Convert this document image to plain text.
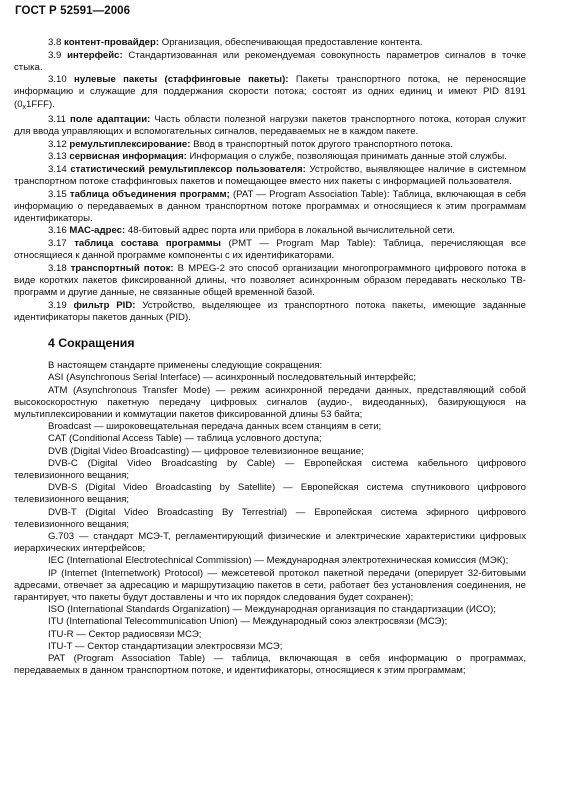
ГОСТ Р 52591—2006

3.8 контент-провайдер: Организация, обеспечивающая предоставление контента.

3.9 интерфейс: Стандартизованная или рекомендуемая совокупность параметров сигналов в точке стыка.

3.10 нулевые пакеты (стаффинговые пакеты): Пакеты транспортного потока, не переносящие информацию и служащие для поддержания скорости потока; состоят из одних единиц и имеют PID 8191 $(0_x1FFF)$.

3.11 поле адаптации: Часть области полезной нагрузки пакетов транспортного потока, которая служит для ввода управляющих и вспомогательных сигналов, передаваемых не в каждом пакете.

3.12 ремультиплексирование: Ввод в транспортный поток другого транспортного потока.

3.13 сервисная информация: Информация о службе, позволяющая принимать данные этой службы.

3.14 статистический ремультиплексор пользователя: Устройство, выявляющее наличие в системном транспортном потоке стаффинговых пакетов и помещающее вместо них пакеты с информацией пользователя.

3.15 таблица объединения программ; (PAT — Program Association Table): Таблица, включающая в себя информацию о передаваемых в данном транспортном потоке программах и относящиеся к этим программам идентификаторы.

3.16 МАС-адрес: 48-битовый адрес порта или прибора в локальной вычислительной сети.

3.17 таблица состава программы (PMT — Program Map Table): Таблица, перечисляющая все относящиеся к данной программе компоненты с их идентификаторами.

3.18 транспортный поток: В MPEG-2 это способ организации многопрограммного цифрового потока в виде коротких пакетов фиксированной длины, что позволяет асинхронным образом передавать несколько ТВ-программ и другие данные, не связанные общей временной базой.

3.19 фильтр PID: Устройство, выделяющее из транспортного потока пакеты, имеющие заданные идентификаторы пакетов данных (PID).

4 Сокращения

В настоящем стандарте применены следующие сокращения:

ASI (Asynchronous Serial Interface) — асинхронный последовательный интерфейс;

ATM (Asynchronous Transfer Mode) — режим асинхронной передачи данных, представляющий собой высокоскоростную пакетную передачу цифровых сигналов (аудио-, видеоданных), базирующуюся на мультиплексировании и коммутации пакетов фиксированной длины 53 байта;

Broadcast — широковещательная передача данных всем станциям в сети;

CAT (Conditional Access Table) — таблица условного доступа;

DVB (Digital Video Broadcasting) — цифровое телевизионное вещание;

DVB-C (Digital Video Broadcasting by Cable) — Европейская система кабельного цифрового телевизионного вещания;

DVB-S (Digital Video Broadcasting by Satellite) — Европейская система спутникового цифрового телевизионного вещания;

DVB-T (Digital Video Broadcasting By Terrestrial) — Европейская система эфирного цифрового телевизионного вещания;

G.703 — стандарт МСЭ-Т, регламентирующий физические и электрические характеристики цифровых иерархических интерфейсов;

IEC (International Electrotechnical Commission) — Международная электротехническая комиссия (МЭК);

IP (Internet (Internetwork) Protocol) — межсетевой протокол пакетной передачи (оперирует 32-битовыми адресами, отвечает за адресацию и маршрутизацию пакетов в сети, работает без установления соединения, не гарантирует, что пакеты будут доставлены и что их порядок следования будет сохранен);

ISO (International Standards Organization) — Международная организация по стандартизации (ИСО);

ITU (International Telecommunication Union) — Международный союз электросвязи (МСЭ);

ITU-R — Сектор радиосвязи МСЭ;

ITU-T — Сектор стандартизации электросвязи МСЭ;

PAT (Program Association Table) — таблица, включающая в себя информацию о программах, передаваемых в данном транспортном потоке, и идентификаторы, относящиеся к этим программам;
